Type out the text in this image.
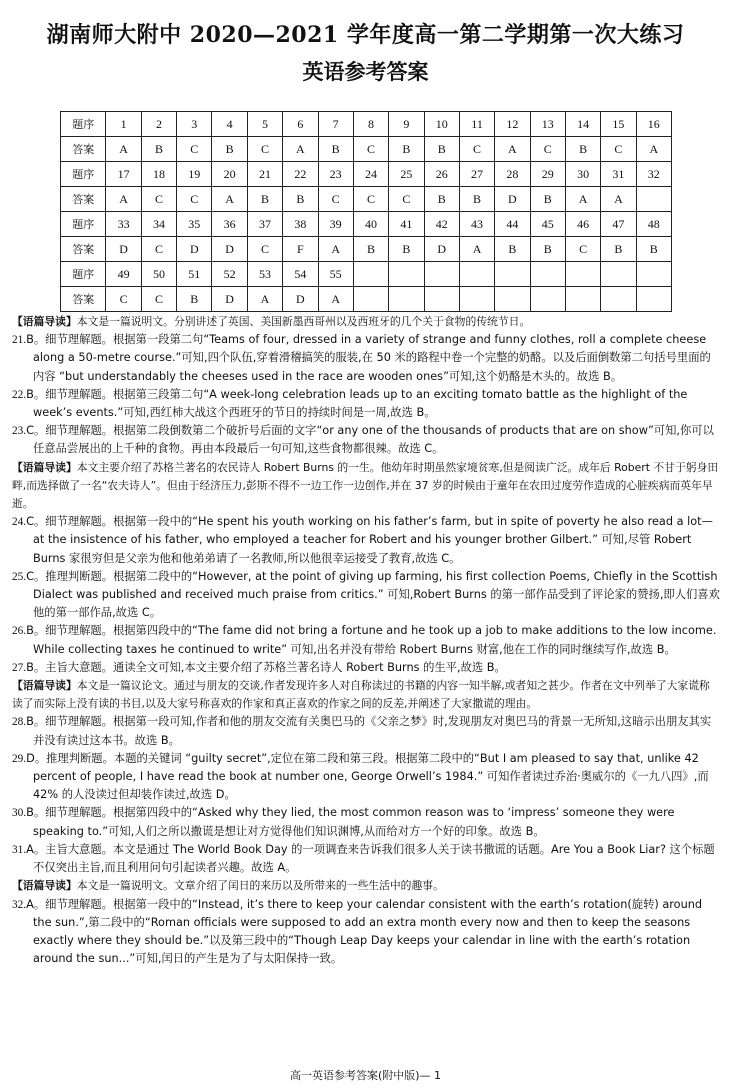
湖南师大附中 2020—2021 学年度高一第二学期第一次大练习
英语参考答案
题序	1	2	3	4	5	6	7	8	9	10	11	12	13	14	15	16
答案	A	B	C	B	C	A	B	C	B	B	C	A	C	B	C	A
题序	17	18	19	20	21	22	23	24	25	26	27	28	29	30	31	32
答案	A	C	C	A	B	B	C	C	C	B	B	D	B	A	A	
题序	33	34	35	36	37	38	39	40	41	42	43	44	45	46	47	48
答案	D	C	D	D	C	F	A	B	B	D	A	B	B	C	B	B
题序	49	50	51	52	53	54	55									
答案	C	C	B	D	A	D	A									
【语篇导读】本文是一篇说明文。分别讲述了英国、美国新墨西哥州以及西班牙的几个关于食物的传统节日。
21.B。细节理解题。根据第一段第二句“Teams of four, dressed in a variety of strange and funny clothes, roll a complete cheese along a 50-metre course.”可知,四个队伍,穿着滑稽搞笑的服装,在 50 米的路程中卷一个完整的奶酪。以及后面倒数第二句括号里面的内容 “but understandably the cheeses used in the race are wooden ones”可知,这个奶酪是木头的。故选 B。
22.B。细节理解题。根据第三段第二句“A week-long celebration leads up to an exciting tomato battle as the highlight of the week’s events.”可知,西红柿大战这个西班牙的节日的持续时间是一周,故选 B。
23.C。细节理解题。根据第二段倒数第二个破折号后面的文字“or any one of the thousands of products that are on show”可知,你可以任意品尝展出的上千种的食物。再由本段最后一句可知,这些食物都很辣。故选 C。
【语篇导读】本文主要介绍了苏格兰著名的农民诗人 Robert Burns 的一生。他幼年时期虽然家境贫寒,但是阅读广泛。成年后 Robert 不甘于躬身田畔,而选择做了一名“农夫诗人”。但由于经济压力,彭斯不得不一边工作一边创作,并在 37 岁的时候由于童年在农田过度劳作造成的心脏疾病而英年早逝。
24.C。细节理解题。根据第一段中的“He spent his youth working on his father’s farm, but in spite of poverty he also read a lot—at the insistence of his father, who employed a teacher for Robert and his younger brother Gilbert.” 可知,尽管 Robert Burns 家很穷但是父亲为他和他弟弟请了一名教师,所以他很幸运接受了教育,故选 C。
25.C。推理判断题。根据第二段中的“However, at the point of giving up farming, his first collection Poems, Chiefly in the Scottish Dialect was published and received much praise from critics.” 可知,Robert Burns 的第一部作品受到了评论家的赞扬,即人们喜欢他的第一部作品,故选 C。
26.B。细节理解题。根据第四段中的“The fame did not bring a fortune and he took up a job to make additions to the low income. While collecting taxes he continued to write” 可知,出名并没有带给 Robert Burns 财富,他在工作的同时继续写作,故选 B。
27.B。主旨大意题。通读全文可知,本文主要介绍了苏格兰著名诗人 Robert Burns 的生平,故选 B。
【语篇导读】本文是一篇议论文。通过与朋友的交谈,作者发现许多人对自称读过的书籍的内容一知半解,或者知之甚少。作者在文中列举了大家谎称读了而实际上没有读的书目,以及大家号称喜欢的作家和真正喜欢的作家之间的反差,并阐述了大家撒谎的理由。
28.B。细节理解题。根据第一段可知,作者和他的朋友交流有关奥巴马的《父亲之梦》时,发现朋友对奥巴马的背景一无所知,这暗示出朋友其实并没有读过这本书。故选 B。
29.D。推理判断题。本题的关键词 “guilty secret”,定位在第二段和第三段。根据第二段中的“But I am pleased to say that, unlike 42 percent of people, I have read the book at number one, George Orwell’s 1984.” 可知作者读过乔治·奥威尔的《一九八四》,而 42% 的人没读过但却装作读过,故选 D。
30.B。细节理解题。根据第四段中的“Asked why they lied, the most common reason was to ‘impress’ someone they were speaking to.”可知,人们之所以撒谎是想让对方觉得他们知识渊博,从而给对方一个好的印象。故选 B。
31.A。主旨大意题。本文是通过 The World Book Day 的一项调查来告诉我们很多人关于读书撒谎的话题。Are You a Book Liar? 这个标题不仅突出主旨,而且利用问句引起读者兴趣。故选 A。
【语篇导读】本文是一篇说明文。文章介绍了闰日的来历以及所带来的一些生活中的趣事。
32.A。细节理解题。根据第一段中的“Instead, it’s there to keep your calendar consistent with the earth’s rotation(旋转) around the sun.”,第二段中的“Roman officials were supposed to add an extra month every now and then to keep the seasons exactly where they should be.”以及第三段中的“Though Leap Day keeps your calendar in line with the earth’s rotation around the sun...”可知,闰日的产生是为了与太阳保持一致。
高一英语参考答案(附中版)— 1
